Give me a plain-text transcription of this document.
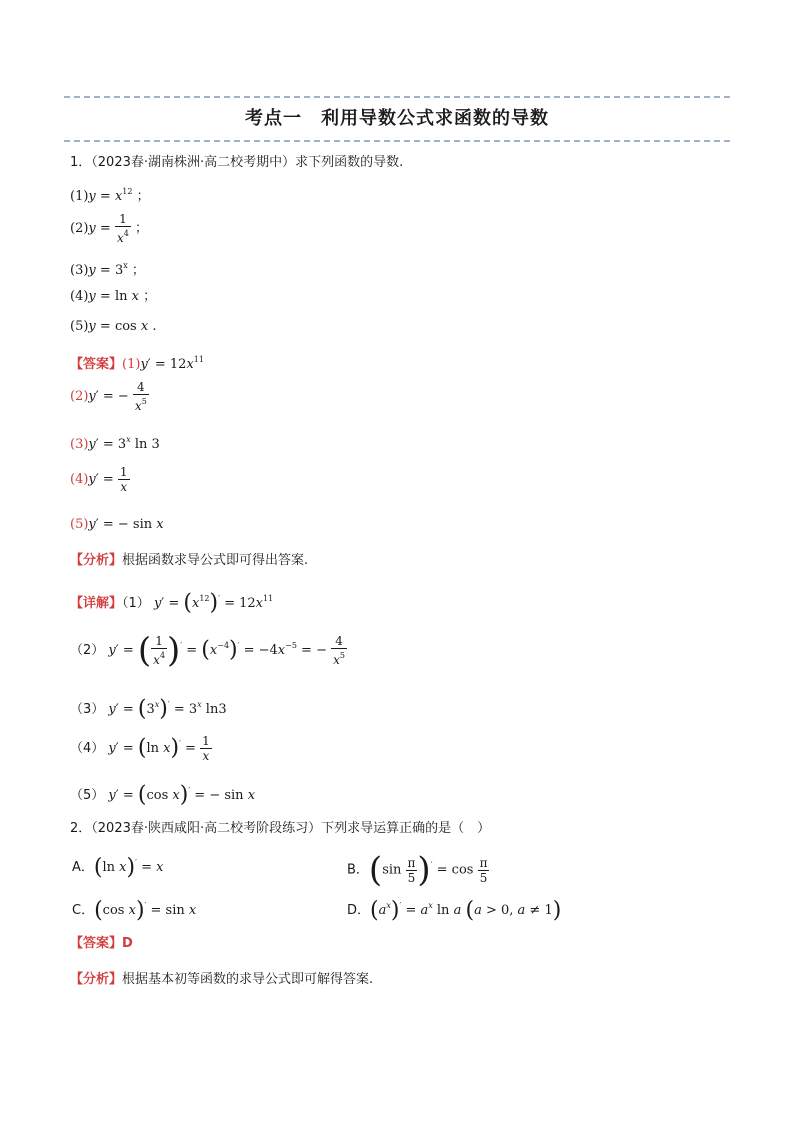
考点一　利用导数公式求函数的导数
1．（2023春·湖南株洲·高二校考期中）求下列函数的导数.
$(1)y = x^{12}$ ；
$(2)y = \frac{1}{x^4}$ ；
$(3)y = 3^x$ ；
(4)y = ln x ；
(5)y = cos x .
【答案】$(1)y' = 12x^{11}$
(2)y′ = − $\frac{4}{x^5}$
$(3)y' = 3^x$ ln 3
$(4)y' = \frac{1}{x}$
(5)y′ = − sin x
【分析】根据函数求导公式即可得出答案.
【详解】（1） $y' = (x^{12})' = 12x^{11}$
（2） y′ = ( $\frac{1}{x^4} )' = (x^{-4})' = -4x^{-5}$ = − $\frac{4}{x^5}$
（3） $y' = (3^x)' = 3^x$ ln3
（4） y′ = (ln $x)' = \frac{1}{x}$
（5） y′ = (cos x)′ = − sin x
2．（2023春·陕西咸阳·高二校考阶段练习）下列求导运算正确的是（　）
A．(ln x)′ = x	B．$(\sin \frac{\pi}{5} )' = \cos \frac{\pi}{5}$
C．(cos x)′ = sin x	D．$(a^x)' = a^x$ ln a (a > 0, a ≠ 1)
【答案】D
【分析】根据基本初等函数的求导公式即可解得答案.
